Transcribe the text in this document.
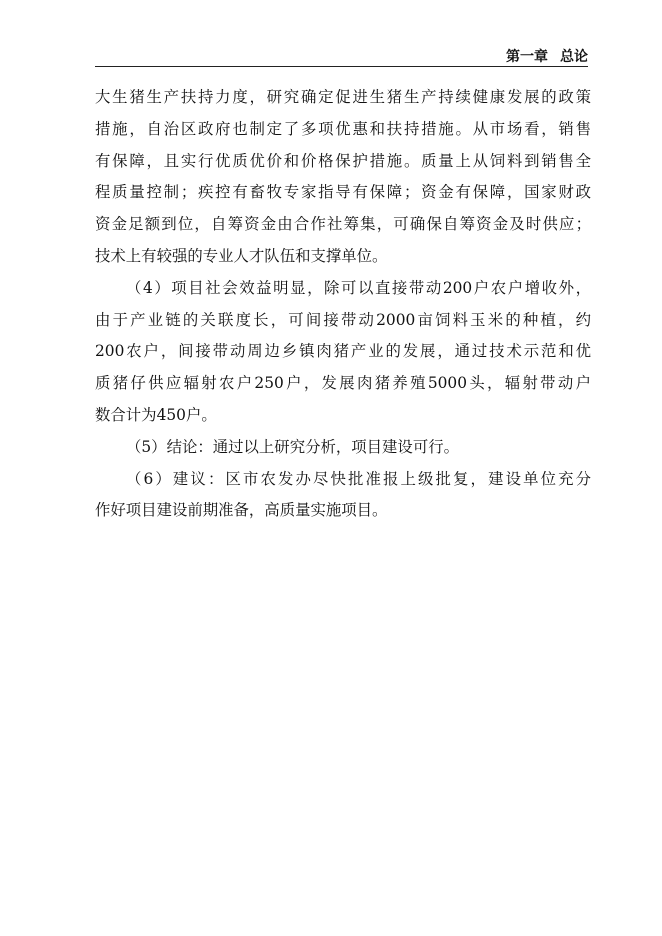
第一章 总论
大生猪生产扶持力度，研究确定促进生猪生产持续健康发展的政策
措施，自治区政府也制定了多项优惠和扶持措施。从市场看，销售
有保障，且实行优质优价和价格保护措施。质量上从饲料到销售全
程质量控制；疾控有畜牧专家指导有保障；资金有保障，国家财政
资金足额到位，自筹资金由合作社筹集，可确保自筹资金及时供应；
技术上有较强的专业人才队伍和支撑单位。
（4）项目社会效益明显，除可以直接带动200户农户增收外，
由于产业链的关联度长，可间接带动2000亩饲料玉米的种植，约
200农户，间接带动周边乡镇肉猪产业的发展，通过技术示范和优
质猪仔供应辐射农户250户，发展肉猪养殖5000头，辐射带动户
数合计为450户。
（5）结论：通过以上研究分析，项目建设可行。
（6）建议：区市农发办尽快批准报上级批复，建设单位充分
作好项目建设前期准备，高质量实施项目。
